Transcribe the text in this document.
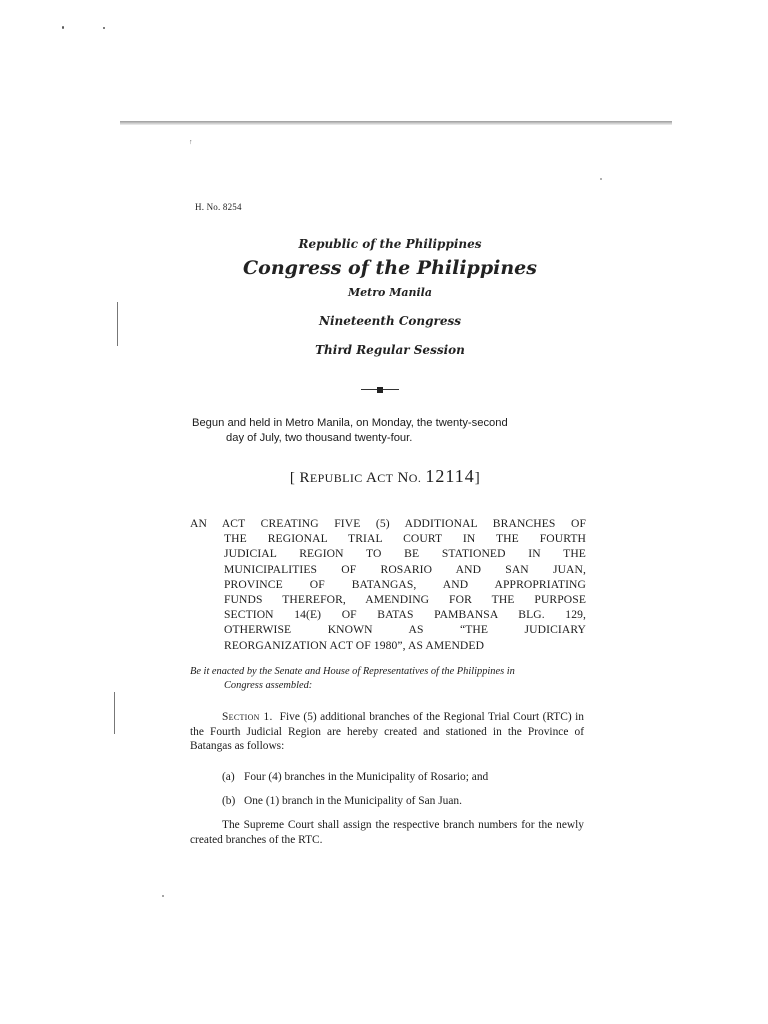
↑
H. No. 8254
Republic of the Philippines
Congress of the Philippines
Metro Manila
Nineteenth Congress
Third Regular Session
Begun and held in Metro Manila, on Monday, the twenty-second
day of July, two thousand twenty-four.
[ REPUBLIC ACT NO. 12114]
AN ACT CREATING FIVE (5) ADDITIONAL BRANCHES OF
THE REGIONAL TRIAL COURT IN THE FOURTH
JUDICIAL REGION TO BE STATIONED IN THE
MUNICIPALITIES OF ROSARIO AND SAN JUAN,
PROVINCE OF BATANGAS, AND APPROPRIATING
FUNDS THEREFOR, AMENDING FOR THE PURPOSE
SECTION 14(E) OF BATAS PAMBANSA BLG. 129,
OTHERWISE KNOWN AS “THE JUDICIARY
REORGANIZATION ACT OF 1980”, AS AMENDED
Be it enacted by the Senate and House of Representatives of the Philippines in
Congress assembled:

Section 1. Five (5) additional branches of the Regional Trial Court (RTC) in the Fourth Judicial Region are hereby created and stationed in the Province of Batangas as follows:

(a) Four (4) branches in the Municipality of Rosario; and

(b) One (1) branch in the Municipality of San Juan.

The Supreme Court shall assign the respective branch numbers for the newly created branches of the RTC.
